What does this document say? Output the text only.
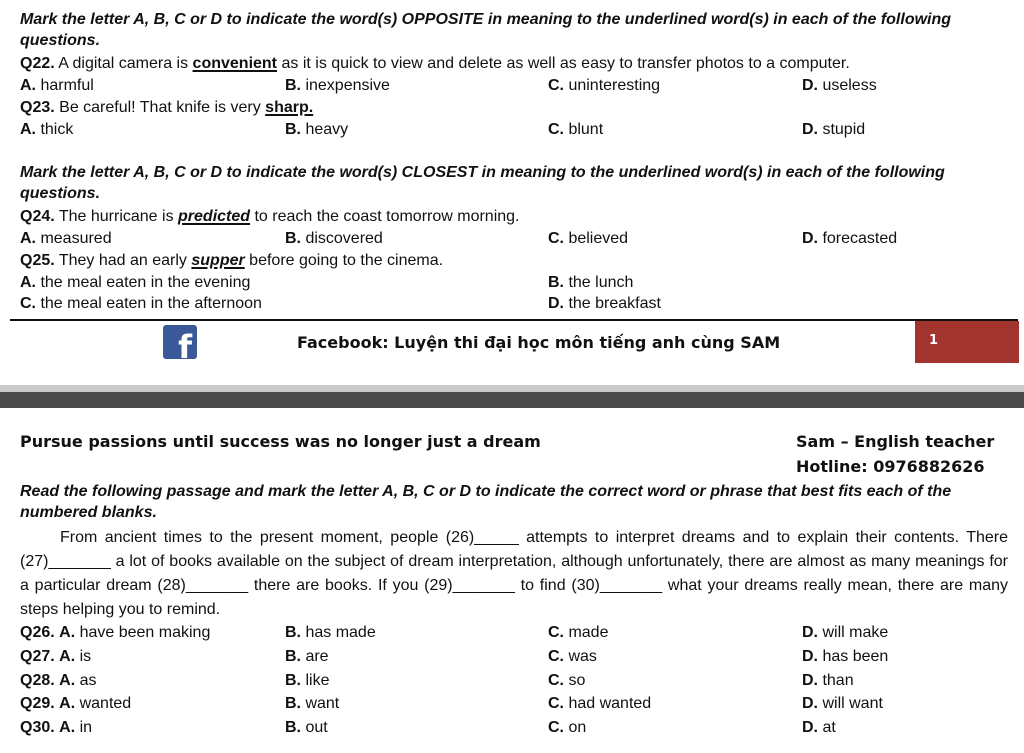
Mark the letter A, B, C or D to indicate the word(s) OPPOSITE in meaning to the underlined word(s) in each of the following questions.
Q22. A digital camera is convenient as it is quick to view and delete as well as easy to transfer photos to a computer.
A. harmful	B. inexpensive	C. uninteresting	D. useless
Q23. Be careful! That knife is very sharp.
A. thick	B. heavy	C. blunt	D. stupid
Mark the letter A, B, C or D to indicate the word(s) CLOSEST in meaning to the underlined word(s) in each of the following questions.
Q24. The hurricane is predicted to reach the coast tomorrow morning.
A. measured	B. discovered	C. believed	D. forecasted
Q25. They had an early supper before going to the cinema.
A. the meal eaten in the evening	B. the lunch
C. the meal eaten in the afternoon	D. the breakfast
f	Facebook: Luyện thi đại học môn tiếng anh cùng SAM	1
Pursue passions until success was no longer just a dream	Sam – English teacher
Hotline: 0976882626
Read the following passage and mark the letter A, B, C or D to indicate the correct word or phrase that best fits each of the numbered blanks.

From ancient times to the present moment, people (26)_____ attempts to interpret dreams and to explain their contents. There (27)_______ a lot of books available on the subject of dream interpretation, although unfortunately, there are almost as many meanings for a particular dream (28)_______ there are books. If you (29)_______ to find (30)_______ what your dreams really mean, there are many steps helping you to remind.

Q26. A. have been making	B. has made	C. made	D. will make
Q27. A. is	B. are	C. was	D. has been
Q28. A. as	B. like	C. so	D. than
Q29. A. wanted	B. want	C. had wanted	D. will want
Q30. A. in	B. out	C. on	D. at
